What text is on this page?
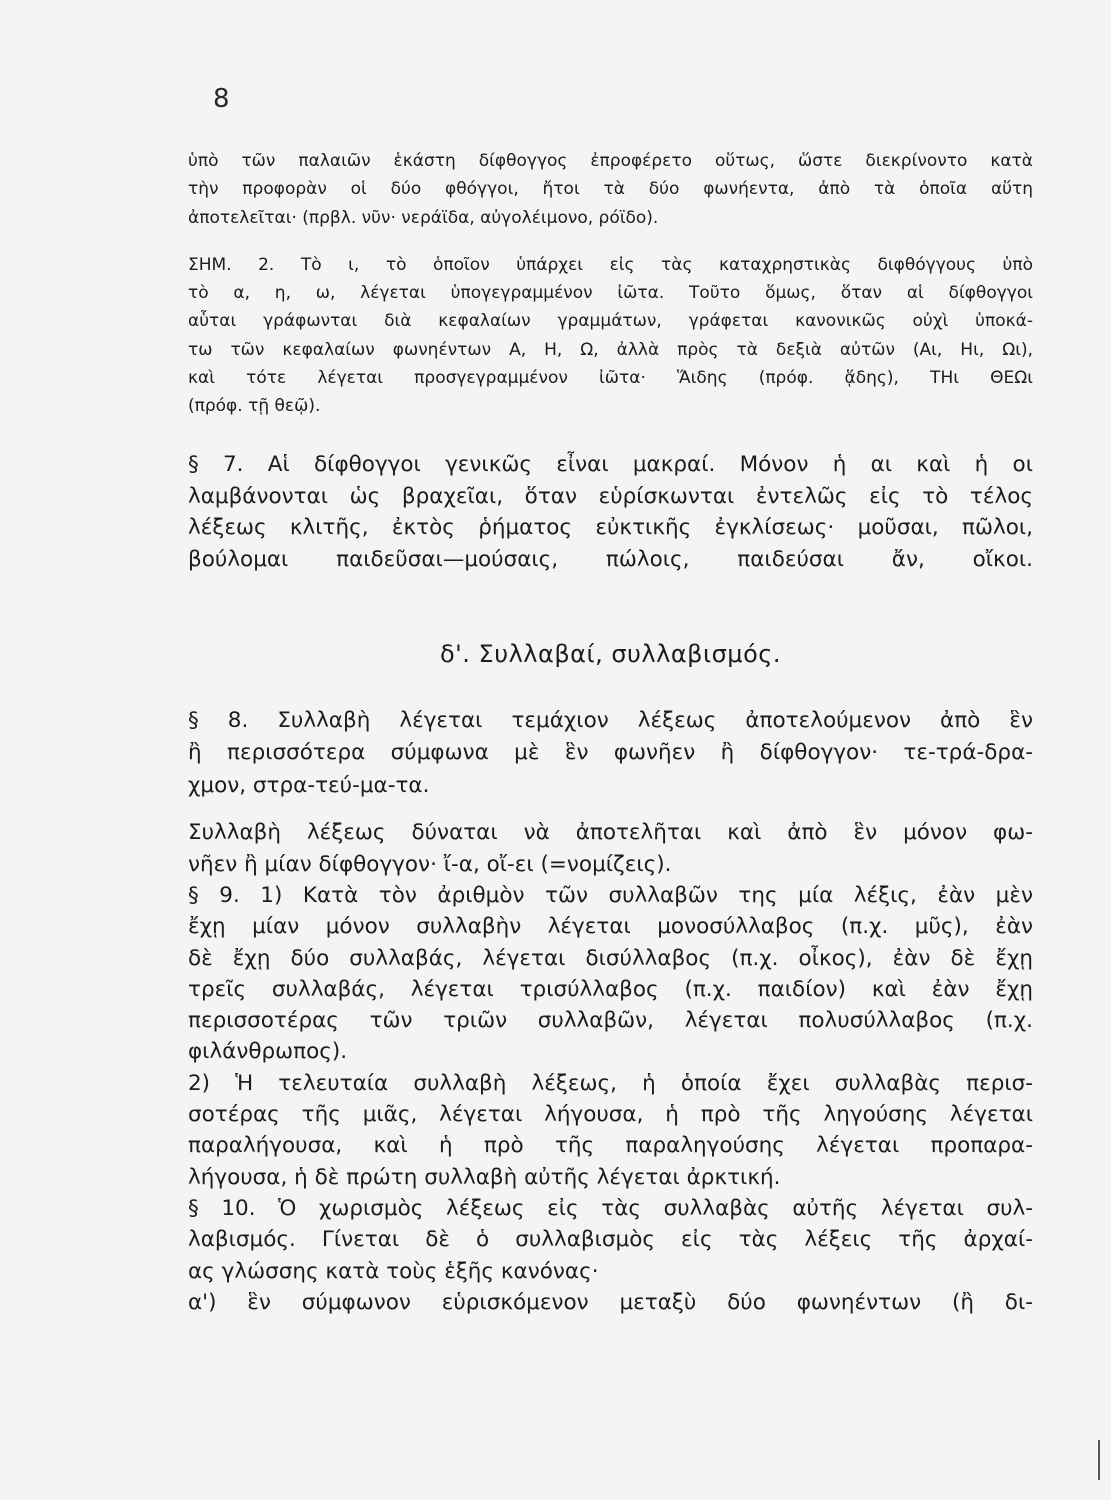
8
ὑπὸ τῶν παλαιῶν ἑκάστη δίφθογγος ἐπροφέρετο οὕτως, ὥστε διεκρίνοντο κατὰ
τὴν προφορὰν οἱ δύο φθόγγοι, ἤτοι τὰ δύο φωνήεντα, ἀπὸ τὰ ὁποῖα αὕτη
ἀποτελεῖται· (πρβλ. νῦν· νεράϊδα, αὐγολέιμονο, ρόϊδο).
ΣΗΜ. 2. Τὸ ι, τὸ ὁποῖον ὑπάρχει εἰς τὰς καταχρηστικὰς διφθόγγους ὑπὸ
τὸ α, η, ω, λέγεται ὑπογεγραμμένον ἰῶτα. Τοῦτο ὅμως, ὅταν αἱ δίφθογγοι
αὗται γράφωνται διὰ κεφαλαίων γραμμάτων, γράφεται κανονικῶς οὐχὶ ὑποκά-
τω τῶν κεφαλαίων φωνηέντων Α, Η, Ω, ἀλλὰ πρὸς τὰ δεξιὰ αὐτῶν (Αι, Ηι, Ωι),
καὶ τότε λέγεται προσγεγραμμένον ἰῶτα· Ἅιδης (πρόφ. ᾅδης), ΤΗι ΘΕΩι
(πρόφ. τῇ θεῷ).
§ 7. Αἱ δίφθογγοι γενικῶς εἶναι μακραί. Μόνον ἡ αι καὶ ἡ οι
λαμβάνονται ὡς βραχεῖαι, ὅταν εὑρίσκωνται ἐντελῶς εἰς τὸ τέλος
λέξεως κλιτῆς, ἐκτὸς ῥήματος εὐκτικῆς ἐγκλίσεως· μοῦσαι, πῶλοι,
βούλομαι παιδεῦσαι—μούσαις, πώλοις, παιδεύσαι ἄν, οἴκοι.
δ'. Συλλαβαί, συλλαβισμός.
§ 8. Συλλαβὴ λέγεται τεμάχιον λέξεως ἀποτελούμενον ἀπὸ ἓν
ἢ περισσότερα σύμφωνα μὲ ἓν φωνῆεν ἢ δίφθογγον· τε-τρά-δρα-
χμον, στρα-τεύ-μα-τα.
Συλλαβὴ λέξεως δύναται νὰ ἀποτελῆται καὶ ἀπὸ ἓν μόνον φω-
νῆεν ἢ μίαν δίφθογγον· ἴ-α, οἴ-ει (=νομίζεις).
§ 9. 1) Κατὰ τὸν ἀριθμὸν τῶν συλλαβῶν της μία λέξις, ἐὰν μὲν
ἔχῃ μίαν μόνον συλλαβὴν λέγεται μονοσύλλαβος (π.χ. μῦς), ἐὰν
δὲ ἔχῃ δύο συλλαβάς, λέγεται δισύλλαβος (π.χ. οἶκος), ἐὰν δὲ ἔχῃ
τρεῖς συλλαβάς, λέγεται τρισύλλαβος (π.χ. παιδίον) καὶ ἐὰν ἔχῃ
περισσοτέρας τῶν τριῶν συλλαβῶν, λέγεται πολυσύλλαβος (π.χ.
φιλάνθρωπος).
2) Ἡ τελευταία συλλαβὴ λέξεως, ἡ ὁποία ἔχει συλλαβὰς περισ-
σοτέρας τῆς μιᾶς, λέγεται λήγουσα, ἡ πρὸ τῆς ληγούσης λέγεται
παραλήγουσα, καὶ ἡ πρὸ τῆς παραληγούσης λέγεται προπαρα-
λήγουσα, ἡ δὲ πρώτη συλλαβὴ αὐτῆς λέγεται ἀρκτική.
§ 10. Ὁ χωρισμὸς λέξεως εἰς τὰς συλλαβὰς αὐτῆς λέγεται συλ-
λαβισμός. Γίνεται δὲ ὁ συλλαβισμὸς εἰς τὰς λέξεις τῆς ἀρχαί-
ας γλώσσης κατὰ τοὺς ἑξῆς κανόνας·
α') ἓν σύμφωνον εὑρισκόμενον μεταξὺ δύο φωνηέντων (ἢ δι-
